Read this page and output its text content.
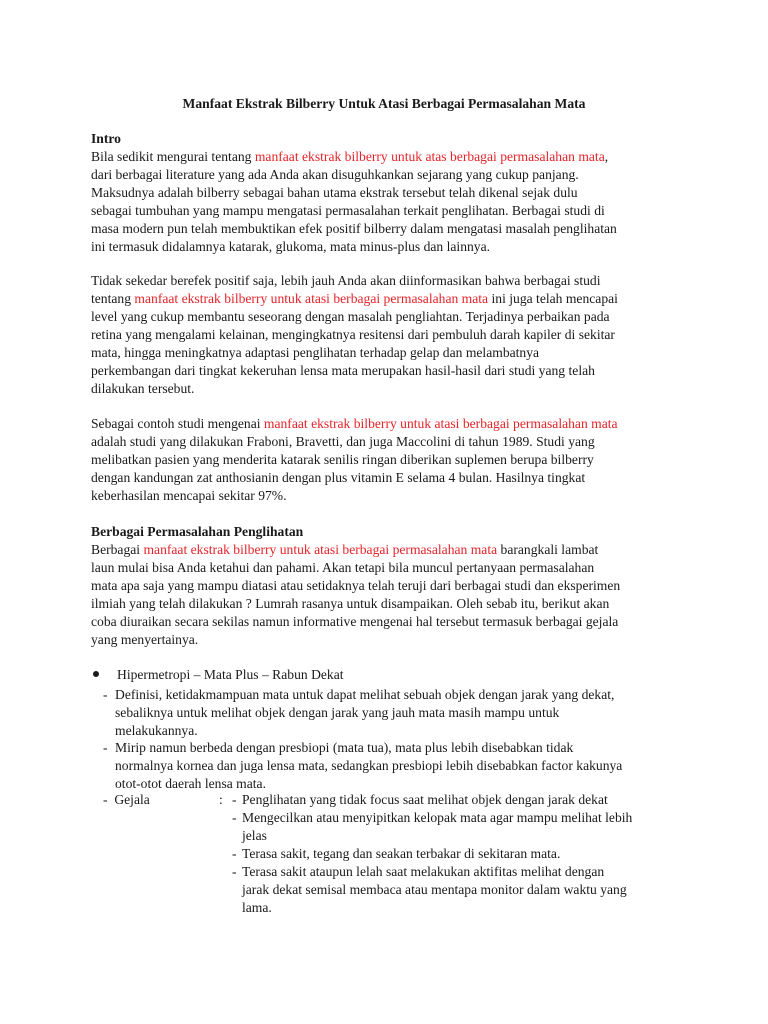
Manfaat Ekstrak Bilberry Untuk Atasi Berbagai Permasalahan Mata
Intro
Bila sedikit mengurai tentang manfaat ekstrak bilberry untuk atas berbagai permasalahan mata,
dari berbagai literature yang ada Anda akan disuguhkankan sejarang yang cukup panjang.
Maksudnya adalah bilberry sebagai bahan utama ekstrak tersebut telah dikenal sejak dulu
sebagai tumbuhan yang mampu mengatasi permasalahan terkait penglihatan. Berbagai studi di
masa modern pun telah membuktikan efek positif bilberry dalam mengatasi masalah penglihatan
ini termasuk didalamnya katarak, glukoma, mata minus-plus dan lainnya.
Tidak sekedar berefek positif saja, lebih jauh Anda akan diinformasikan bahwa berbagai studi
tentang manfaat ekstrak bilberry untuk atasi berbagai permasalahan mata ini juga telah mencapai
level yang cukup membantu seseorang dengan masalah pengliahtan. Terjadinya perbaikan pada
retina yang mengalami kelainan, mengingkatnya resitensi dari pembuluh darah kapiler di sekitar
mata, hingga meningkatnya adaptasi penglihatan terhadap gelap dan melambatnya
perkembangan dari tingkat kekeruhan lensa mata merupakan hasil-hasil dari studi yang telah
dilakukan tersebut.
Sebagai contoh studi mengenai manfaat ekstrak bilberry untuk atasi berbagai permasalahan mata
adalah studi yang dilakukan Fraboni, Bravetti, dan juga Maccolini di tahun 1989. Studi yang
melibatkan pasien yang menderita katarak senilis ringan diberikan suplemen berupa bilberry
dengan kandungan zat anthosianin dengan plus vitamin E selama 4 bulan. Hasilnya tingkat
keberhasilan mencapai sekitar 97%.
Berbagai Permasalahan Penglihatan
Berbagai manfaat ekstrak bilberry untuk atasi berbagai permasalahan mata barangkali lambat
laun mulai bisa Anda ketahui dan pahami. Akan tetapi bila muncul pertanyaan permasalahan
mata apa saja yang mampu diatasi atau setidaknya telah teruji dari berbagai studi dan eksperimen
ilmiah yang telah dilakukan ? Lumrah rasanya untuk disampaikan. Oleh sebab itu, berikut akan
coba diuraikan secara sekilas namun informative mengenai hal tersebut termasuk berbagai gejala
yang menyertainya.
Hipermetropi – Mata Plus – Rabun Dekat
- Definisi, ketidakmampuan mata untuk dapat melihat sebuah objek dengan jarak yang dekat,
sebaliknya untuk melihat objek dengan jarak yang jauh mata masih mampu untuk
melakukannya.
- Mirip namun berbeda dengan presbiopi (mata tua), mata plus lebih disebabkan tidak
normalnya kornea dan juga lensa mata, sedangkan presbiopi lebih disebabkan factor kakunya
otot-otot daerah lensa mata.
- Gejala	: - Penglihatan yang tidak focus saat melihat objek dengan jarak dekat
- Mengecilkan atau menyipitkan kelopak mata agar mampu melihat lebih
jelas
- Terasa sakit, tegang dan seakan terbakar di sekitaran mata.
- Terasa sakit ataupun lelah saat melakukan aktifitas melihat dengan
jarak dekat semisal membaca atau mentapa monitor dalam waktu yang
lama.
